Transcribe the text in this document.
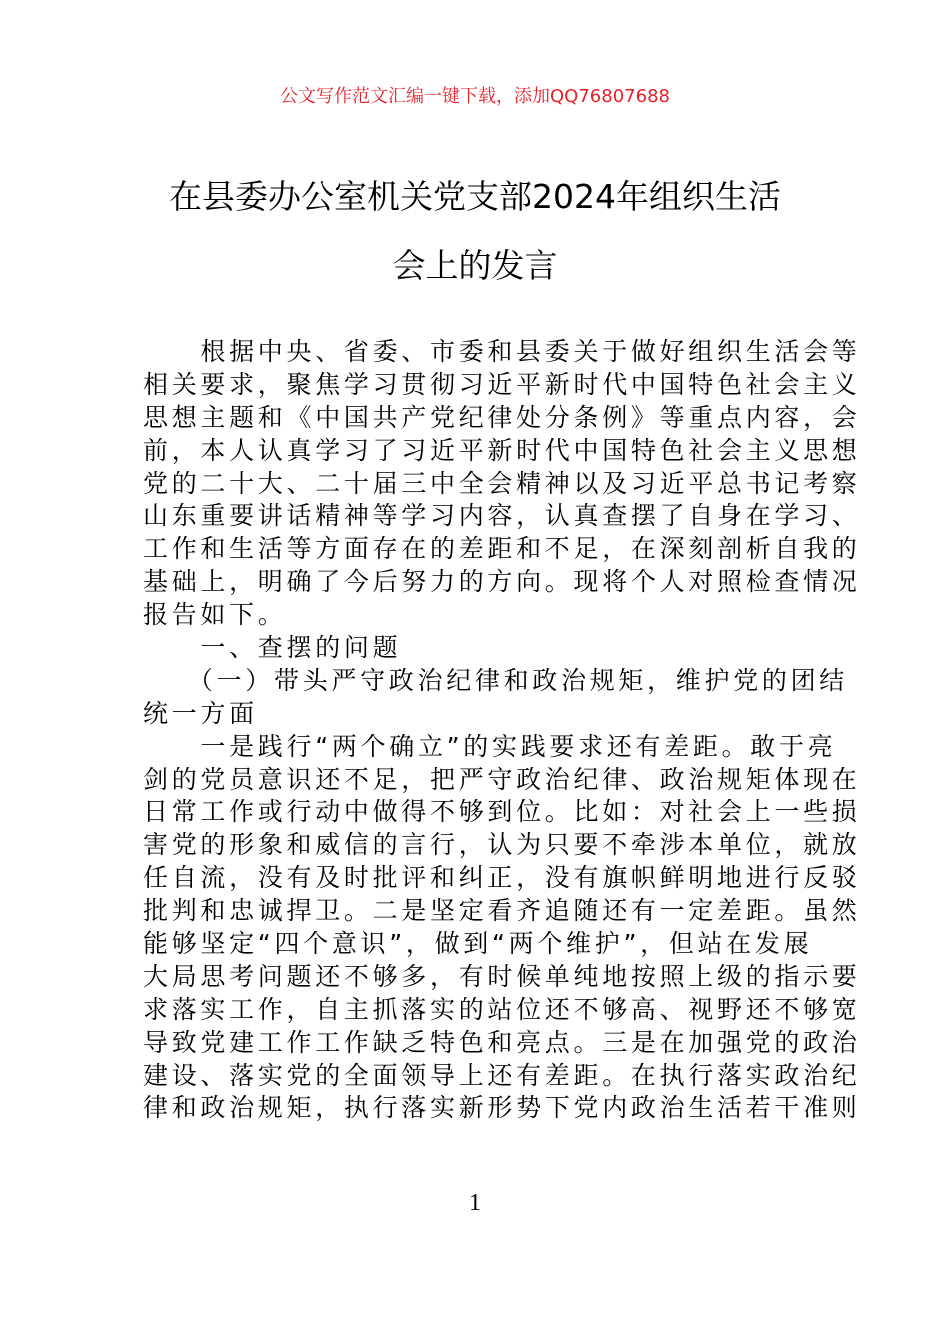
公文写作范文汇编一键下载，添加QQ76807688
在县委办公室机关党支部2024年组织生活
会上的发言
　　根据中央、省委、市委和县委关于做好组织生活会等
相关要求，聚焦学习贯彻习近平新时代中国特色社会主义
思想主题和《中国共产党纪律处分条例》等重点内容，会
前，本人认真学习了习近平新时代中国特色社会主义思想
党的二十大、二十届三中全会精神以及习近平总书记考察
山东重要讲话精神等学习内容，认真查摆了自身在学习、
工作和生活等方面存在的差距和不足，在深刻剖析自我的
基础上，明确了今后努力的方向。现将个人对照检查情况
报告如下。
　　一、查摆的问题
　　（一）带头严守政治纪律和政治规矩，维护党的团结
统一方面
　　一是践行“两个确立”的实践要求还有差距。敢于亮
剑的党员意识还不足，把严守政治纪律、政治规矩体现在
日常工作或行动中做得不够到位。比如：对社会上一些损
害党的形象和威信的言行，认为只要不牵涉本单位，就放
任自流，没有及时批评和纠正，没有旗帜鲜明地进行反驳
批判和忠诚捍卫。二是坚定看齐追随还有一定差距。虽然
能够坚定“四个意识”，做到“两个维护”，但站在发展
大局思考问题还不够多，有时候单纯地按照上级的指示要
求落实工作，自主抓落实的站位还不够高、视野还不够宽
导致党建工作工作缺乏特色和亮点。三是在加强党的政治
建设、落实党的全面领导上还有差距。在执行落实政治纪
律和政治规矩，执行落实新形势下党内政治生活若干准则
1
